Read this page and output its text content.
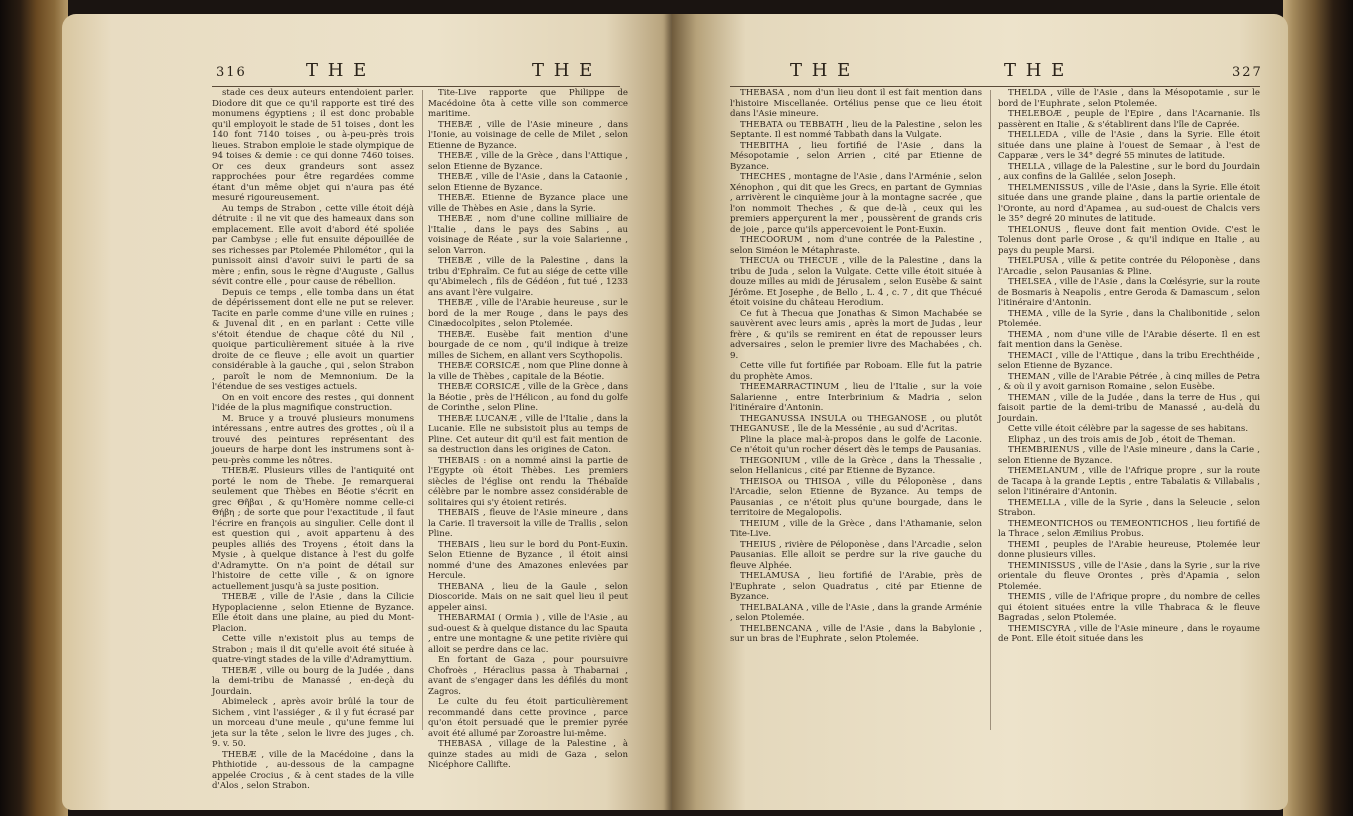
316	T H E	T H E

stade ces deux auteurs entendoient parler. Diodore dit que ce qu'il rapporte est tiré des monumens égyptiens ; il est donc probable qu'il employoit le stade de 51 toises , dont les 140 font 7140 toises , ou à-peu-près trois lieues. Strabon emploie le stade olympique de 94 toises & demie : ce qui donne 7460 toises. Or ces deux grandeurs sont assez rapprochées pour être regardées comme étant d'un même objet qui n'aura pas été mesuré rigoureusement.

Au temps de Strabon , cette ville étoit déjà détruite : il ne vit que des hameaux dans son emplacement. Elle avoit d'abord été spoliée par Cambyse ; elle fut ensuite dépouillée de ses richesses par Ptolemée Philométor , qui la punissoit ainsi d'avoir suivi le parti de sa mère ; enfin, sous le règne d'Auguste , Gallus sévit contre elle , pour cause de rébellion.

Depuis ce temps , elle tomba dans un état de dépérissement dont elle ne put se relever. Tacite en parle comme d'une ville en ruines ; & Juvenal dit , en en parlant : Cette ville s'étoit étendue de chaque côté du Nil , quoique particulièrement située à la rive droite de ce fleuve ; elle avoit un quartier considérable à la gauche , qui , selon Strabon , paroît le nom de Memnonium. De la l'étendue de ses vestiges actuels.

On en voit encore des restes , qui donnent l'idée de la plus magnifique construction.

M. Bruce y a trouvé plusieurs monumens intéressans , entre autres des grottes , où il a trouvé des peintures représentant des joueurs de harpe dont les instrumens sont à-peu-près comme les nôtres.

THEBÆ. Plusieurs villes de l'antiquité ont porté le nom de Thebe. Je remarquerai seulement que Thèbes en Béotie s'écrit en grec Θῆβαι , & qu'Homère nomme celle-ci Θήβη ; de sorte que pour l'exactitude , il faut l'écrire en françois au singulier. Celle dont il est question qui , avoit appartenu à des peuples alliés des Troyens , étoit dans la Mysie , à quelque distance à l'est du golfe d'Adramytte. On n'a point de détail sur l'histoire de cette ville , & on ignore actuellement jusqu'à sa juste position.

THEBÆ , ville de l'Asie , dans la Cilicie Hypoplacienne , selon Etienne de Byzance. Elle étoit dans une plaine, au pied du Mont-Placion.

Cette ville n'existoit plus au temps de Strabon ; mais il dit qu'elle avoit été située à quatre-vingt stades de la ville d'Adramyttium.

THEBÆ , ville ou bourg de la Judée , dans la demi-tribu de Manassé , en-deçà du Jourdain.

Abimeleck , après avoir brûlé la tour de Sichem , vint l'assiéger , & il y fut écrasé par un morceau d'une meule , qu'une femme lui jeta sur la tête , selon le livre des juges , ch. 9. v. 50.

THEBÆ , ville de la Macédoine , dans la Phthiotide , au-dessous de la campagne appelée Crocius , & à cent stades de la ville d'Alos , selon Strabon.

Tite-Live rapporte que Philippe de Macédoine ôta à cette ville son commerce maritime.

THEBÆ , ville de l'Asie mineure , dans l'Ionie, au voisinage de celle de Milet , selon Etienne de Byzance.

THEBÆ , ville de la Grèce , dans l'Attique , selon Etienne de Byzance.

THEBÆ , ville de l'Asie , dans la Cataonie , selon Etienne de Byzance.

THEBÆ. Etienne de Byzance place une ville de Thèbes en Asie , dans la Syrie.

THEBÆ , nom d'une colline milliaire de l'Italie , dans le pays des Sabins , au voisinage de Réate , sur la voie Salarienne , selon Varron.

THEBÆ , ville de la Palestine , dans la tribu d'Ephraïm. Ce fut au siége de cette ville qu'Abimelech , fils de Gédéon , fut tué , 1233 ans avant l'ère vulgaire.

THEBÆ , ville de l'Arabie heureuse , sur le bord de la mer Rouge , dans le pays des Cinædocolpites , selon Ptolemée.

THEBÆ. Eusèbe fait mention d'une bourgade de ce nom , qu'il indique à treize milles de Sichem, en allant vers Scythopolis.

THEBÆ CORSICÆ , nom que Pline donne à la ville de Thèbes , capitale de la Béotie.

THEBÆ CORSICÆ , ville de la Grèce , dans la Béotie , près de l'Hélicon , au fond du golfe de Corinthe , selon Pline.

THEBÆ LUCANÆ , ville de l'Italie , dans la Lucanie. Elle ne subsistoit plus au temps de Pline. Cet auteur dit qu'il est fait mention de sa destruction dans les origines de Caton.

THEBAIS : on a nommé ainsi la partie de l'Egypte où étoit Thèbes. Les premiers siècles de l'église ont rendu la Thébaïde célèbre par le nombre assez considérable de solitaires qui s'y étoient retirés.

THEBAIS , fleuve de l'Asie mineure , dans la Carie. Il traversoit la ville de Trallis , selon Pline.

THEBAIS , lieu sur le bord du Pont-Euxin. Selon Etienne de Byzance , il étoit ainsi nommé d'une des Amazones enlevées par Hercule.

THEBANA , lieu de la Gaule , selon Dioscoride. Mais on ne sait quel lieu il peut appeler ainsi.

THEBARMAI ( Ormia ) , ville de l'Asie , au sud-ouest & à quelque distance du lac Spauta , entre une montagne & une petite rivière qui alloit se perdre dans ce lac.

En fortant de Gaza , pour poursuivre Chofroès , Héraclius passa à Thabarnai , avant de s'engager dans les défilés du mont Zagros.

Le culte du feu étoit particulièrement recommandé dans cette province , parce qu'on étoit persuadé que le premier pyrée avoit été allumé par Zoroastre lui-même.

THEBASA , village de la Palestine , à quinze stades au midi de Gaza , selon Nicéphore Callifte.

T H E	T H E	327

THEBASA , nom d'un lieu dont il est fait mention dans l'histoire Miscellanée. Ortélius pense que ce lieu étoit dans l'Asie mineure.

THEBATA ou TEBBATH , lieu de la Palestine , selon les Septante. Il est nommé Tabbath dans la Vulgate.

THEBITHA , lieu fortifié de l'Asie , dans la Mésopotamie , selon Arrien , cité par Etienne de Byzance.

THECHES , montagne de l'Asie , dans l'Arménie , selon Xénophon , qui dit que les Grecs, en partant de Gymnias , arrivèrent le cinquième jour à la montagne sacrée , que l'on nommoit Theches , & que de-là , ceux qui les premiers apperçurent la mer , poussèrent de grands cris de joie , parce qu'ils appercevoient le Pont-Euxin.

THECOORUM , nom d'une contrée de la Palestine , selon Siméon le Métaphraste.

THECUA ou THECUE , ville de la Palestine , dans la tribu de Juda , selon la Vulgate. Cette ville étoit située à douze milles au midi de Jérusalem , selon Eusèbe & saint Jérôme. Et Josephe , de Bello , L. 4 , c. 7 , dit que Thécué étoit voisine du château Herodium.

Ce fut à Thecua que Jonathas & Simon Machabée se sauvèrent avec leurs amis , après la mort de Judas , leur frère , & qu'ils se remirent en état de repousser leurs adversaires , selon le premier livre des Machabées , ch. 9.

Cette ville fut fortifiée par Roboam. Elle fut la patrie du prophète Amos.

THEEMARRACTINUM , lieu de l'Italie , sur la voie Salarienne , entre Interbrinium & Madria , selon l'itinéraire d'Antonin.

THEGANUSSA INSULA ou THEGANOSE , ou plutôt THEGANUSE , île de la Messénie , au sud d'Acritas.

Pline la place mal-à-propos dans le golfe de Laconie. Ce n'étoit qu'un rocher désert dès le temps de Pausanias.

THEGONIUM , ville de la Grèce , dans la Thessalie , selon Hellanicus , cité par Etienne de Byzance.

THEISOA ou THISOA , ville du Péloponèse , dans l'Arcadie, selon Etienne de Byzance. Au temps de Pausanias , ce n'étoit plus qu'une bourgade, dans le territoire de Megalopolis.

THEIUM , ville de la Grèce , dans l'Athamanie, selon Tite-Live.

THEIUS , rivière de Péloponèse , dans l'Arcadie , selon Pausanias. Elle alloit se perdre sur la rive gauche du fleuve Alphée.

THELAMUSA , lieu fortifié de l'Arabie, près de l'Euphrate , selon Quadratus , cité par Etienne de Byzance.

THELBALANA , ville de l'Asie , dans la grande Arménie , selon Ptolemée.

THELBENCANA , ville de l'Asie , dans la Babylonie , sur un bras de l'Euphrate , selon Ptolemée.

THELDA , ville de l'Asie , dans la Mésopotamie , sur le bord de l'Euphrate , selon Ptolemée.

THELEBOÆ , peuple de l'Epire , dans l'Acarnanie. Ils passèrent en Italie , & s'établirent dans l'île de Caprée.

THELLEDA , ville de l'Asie , dans la Syrie. Elle étoit située dans une plaine à l'ouest de Semaar , à l'est de Capparæ , vers le 34° degré 55 minutes de latitude.

THELLA , village de la Palestine , sur le bord du Jourdain , aux confins de la Galilée , selon Joseph.

THELMENISSUS , ville de l'Asie , dans la Syrie. Elle étoit située dans une grande plaine , dans la partie orientale de l'Oronte, au nord d'Apamea , au sud-ouest de Chalcis vers le 35° degré 20 minutes de latitude.

THELONUS , fleuve dont fait mention Ovide. C'est le Tolenus dont parle Orose , & qu'il indique en Italie , au pays du peuple Marsi.

THELPUSA , ville & petite contrée du Péloponèse , dans l'Arcadie , selon Pausanias & Pline.

THELSEA , ville de l'Asie , dans la Cœlésyrie, sur la route de Bosmaris à Neapolis , entre Geroda & Damascum , selon l'itinéraire d'Antonin.

THEMA , ville de la Syrie , dans la Chalibonitide , selon Ptolemée.

THEMA , nom d'une ville de l'Arabie déserte. Il en est fait mention dans la Genèse.

THEMACI , ville de l'Attique , dans la tribu Erechthéide , selon Etienne de Byzance.

THEMAN , ville de l'Arabie Pétrée , à cinq milles de Petra , & où il y avoit garnison Romaine , selon Eusèbe.

THEMAN , ville de la Judée , dans la terre de Hus , qui faisoit partie de la demi-tribu de Manassé , au-delà du Jourdain.

Cette ville étoit célèbre par la sagesse de ses habitans.

Eliphaz , un des trois amis de Job , étoit de Theman.

THEMBRIENUS , ville de l'Asie mineure , dans la Carie , selon Etienne de Byzance.

THEMELANUM , ville de l'Afrique propre , sur la route de Tacapa à la grande Leptis , entre Tabalatis & Villabalis , selon l'itinéraire d'Antonin.

THEMELLA , ville de la Syrie , dans la Seleucie , selon Strabon.

THEMEONTICHOS ou TEMEONTICHOS , lieu fortifié de la Thrace , selon Æmilius Probus.

THEMI , peuples de l'Arabie heureuse, Ptolemée leur donne plusieurs villes.

THEMINISSUS , ville de l'Asie , dans la Syrie , sur la rive orientale du fleuve Orontes , près d'Apamia , selon Ptolemée.

THEMIS , ville de l'Afrique propre , du nombre de celles qui étoient situées entre la ville Thabraca & le fleuve Bagradas , selon Ptolemée.

THEMISCYRA , ville de l'Asie mineure , dans le royaume de Pont. Elle étoit située dans les
